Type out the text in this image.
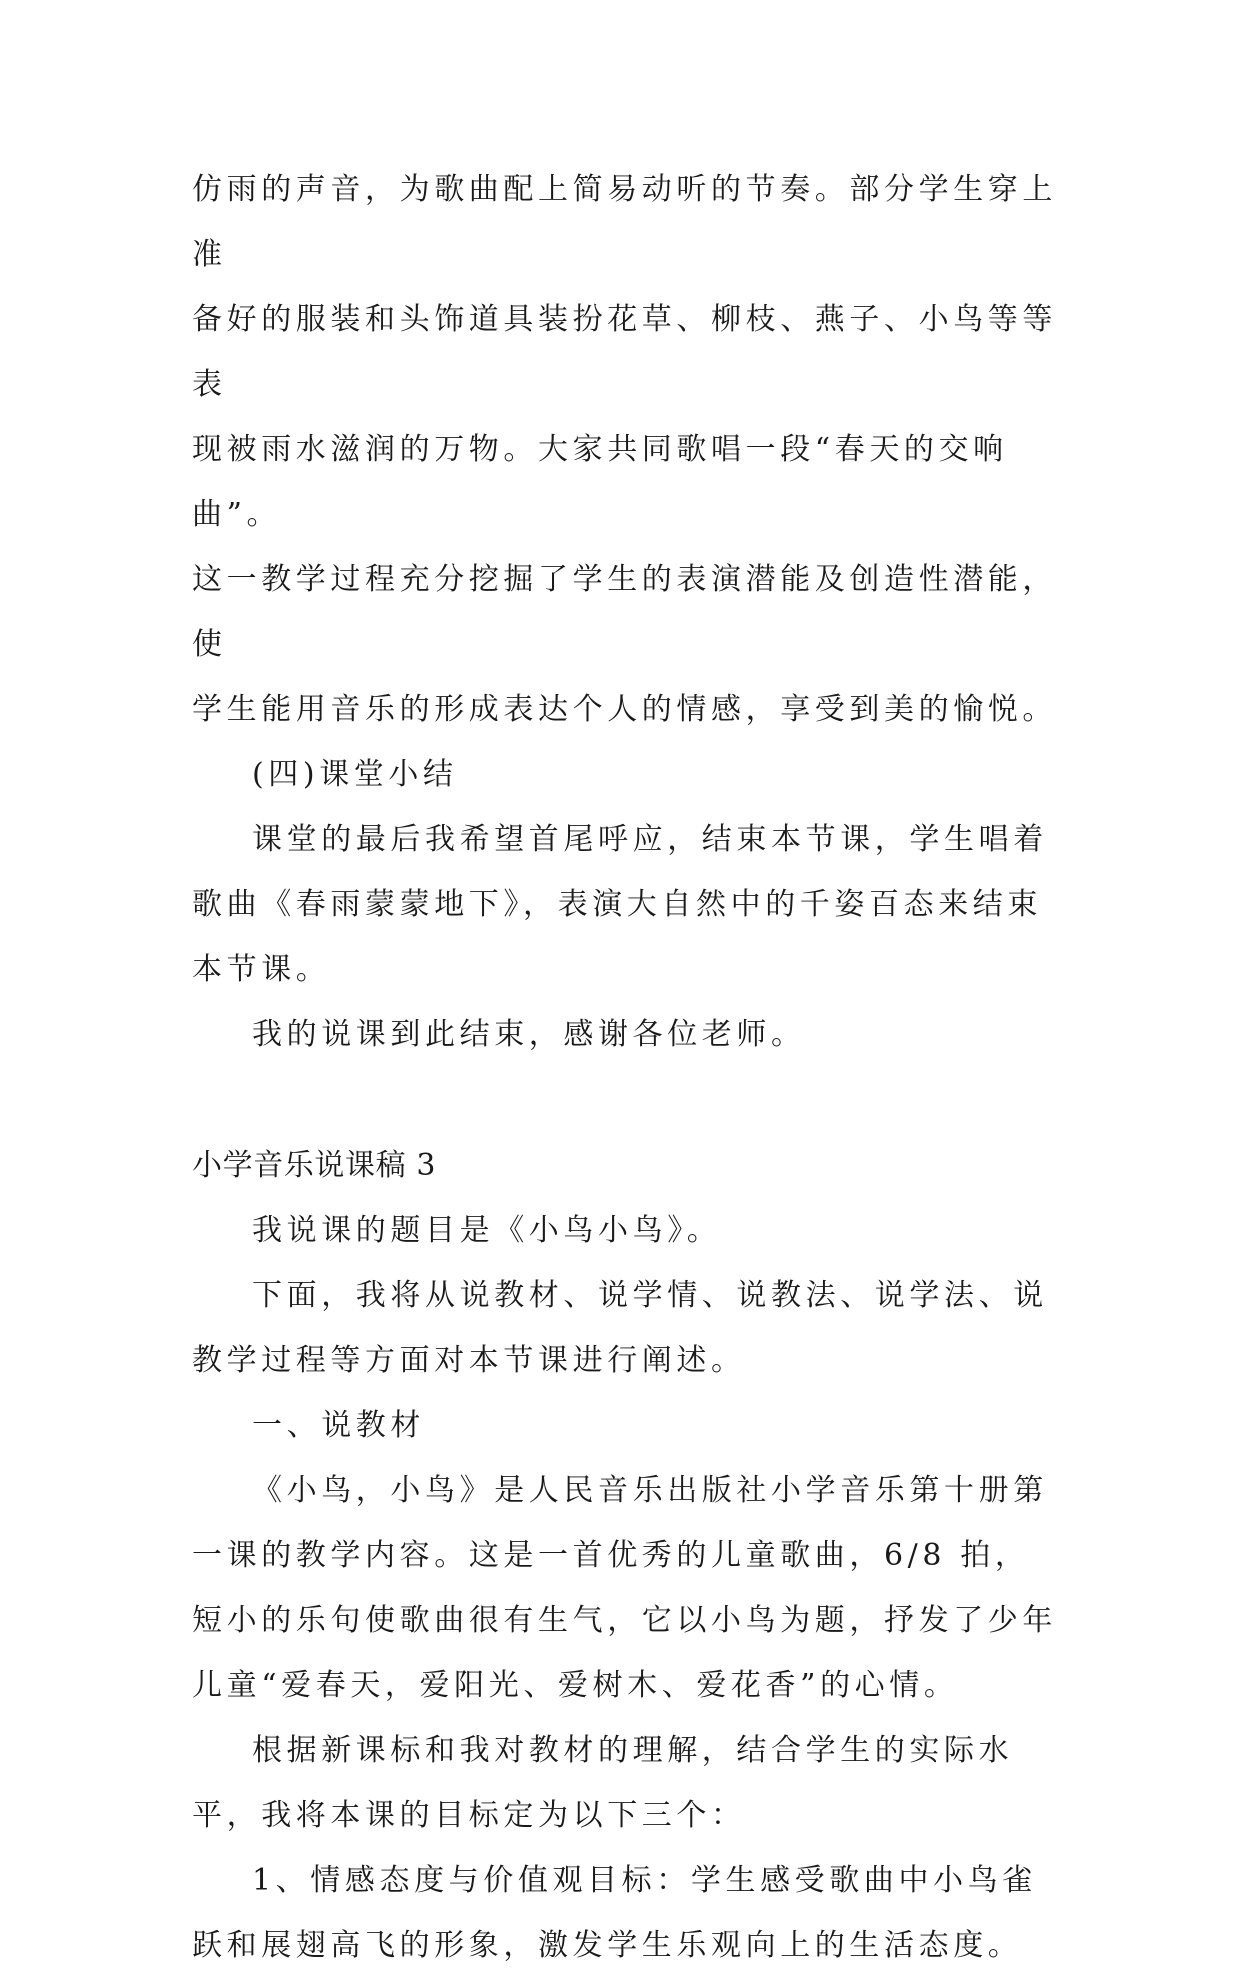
仿雨的声音，为歌曲配上简易动听的节奏。部分学生穿上准
备好的服装和头饰道具装扮花草、柳枝、燕子、小鸟等等表
现被雨水滋润的万物。大家共同歌唱一段“春天的交响曲”。
这一教学过程充分挖掘了学生的表演潜能及创造性潜能，使
学生能用音乐的形成表达个人的情感，享受到美的愉悦。

(四)课堂小结

课堂的最后我希望首尾呼应，结束本节课，学生唱着歌曲《春雨蒙蒙地下》，表演大自然中的千姿百态来结束本节课。

我的说课到此结束，感谢各位老师。

小学音乐说课稿 3

我说课的题目是《小鸟小鸟》。

下面，我将从说教材、说学情、说教法、说学法、说教学过程等方面对本节课进行阐述。

一、说教材

《小鸟，小鸟》是人民音乐出版社小学音乐第十册第一课的教学内容。这是一首优秀的儿童歌曲，6/8 拍，短小的乐句使歌曲很有生气，它以小鸟为题，抒发了少年儿童“爱春天，爱阳光、爱树木、爱花香”的心情。

根据新课标和我对教材的理解，结合学生的实际水平，我将本课的目标定为以下三个：

1、情感态度与价值观目标：学生感受歌曲中小鸟雀跃和展翅高飞的形象，激发学生乐观向上的生活态度。
